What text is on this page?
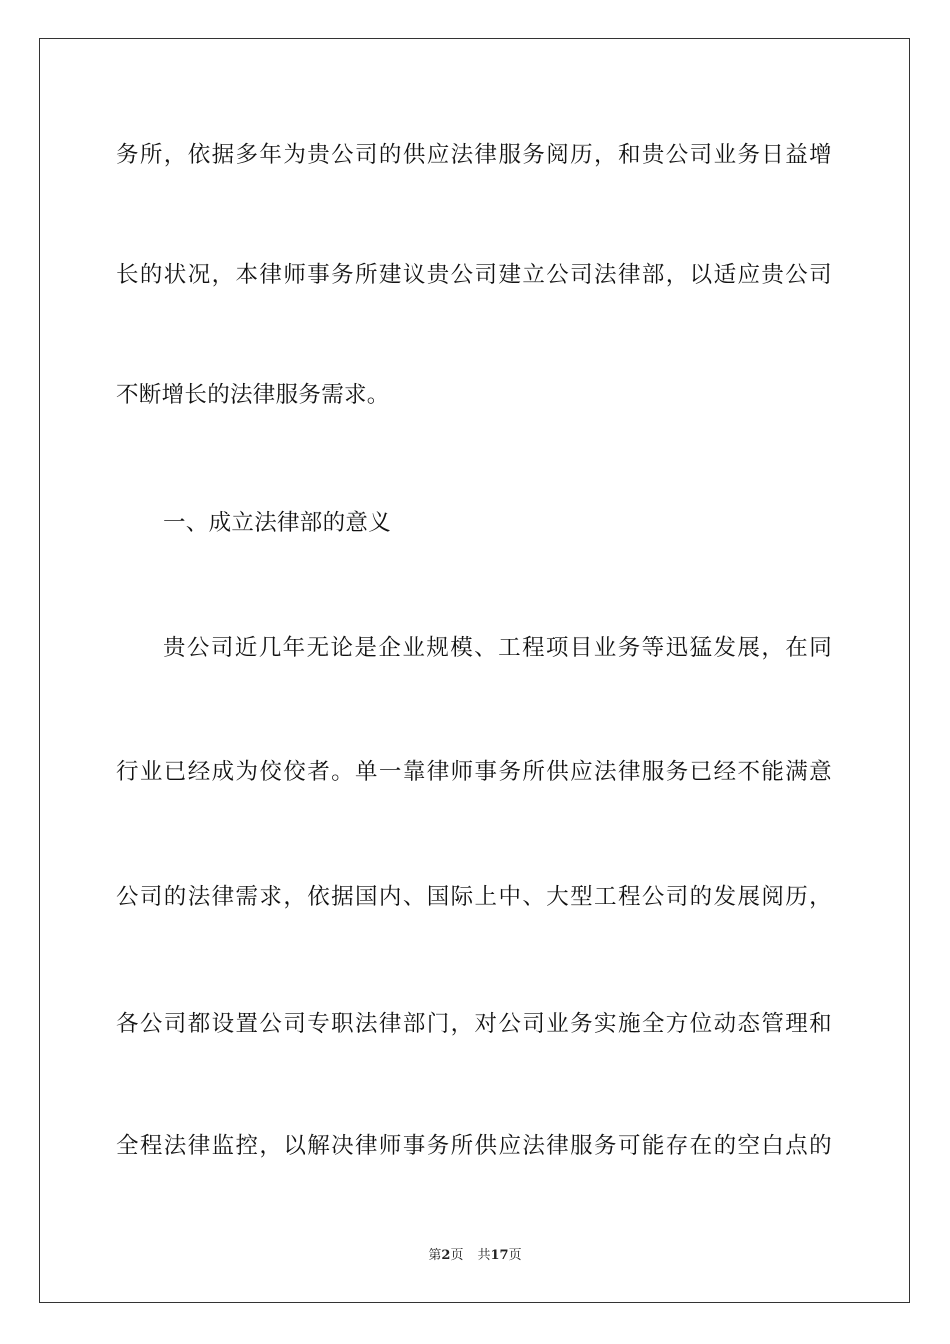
务所，依据多年为贵公司的供应法律服务阅历，和贵公司业务日益增
长的状况，本律师事务所建议贵公司建立公司法律部，以适应贵公司
不断增长的法律服务需求。
一、成立法律部的意义
贵公司近几年无论是企业规模、工程项目业务等迅猛发展，在同
行业已经成为佼佼者。单一靠律师事务所供应法律服务已经不能满意
公司的法律需求，依据国内、国际上中、大型工程公司的发展阅历，
各公司都设置公司专职法律部门，对公司业务实施全方位动态管理和
全程法律监控，以解决律师事务所供应法律服务可能存在的空白点的
第2页 共17页
